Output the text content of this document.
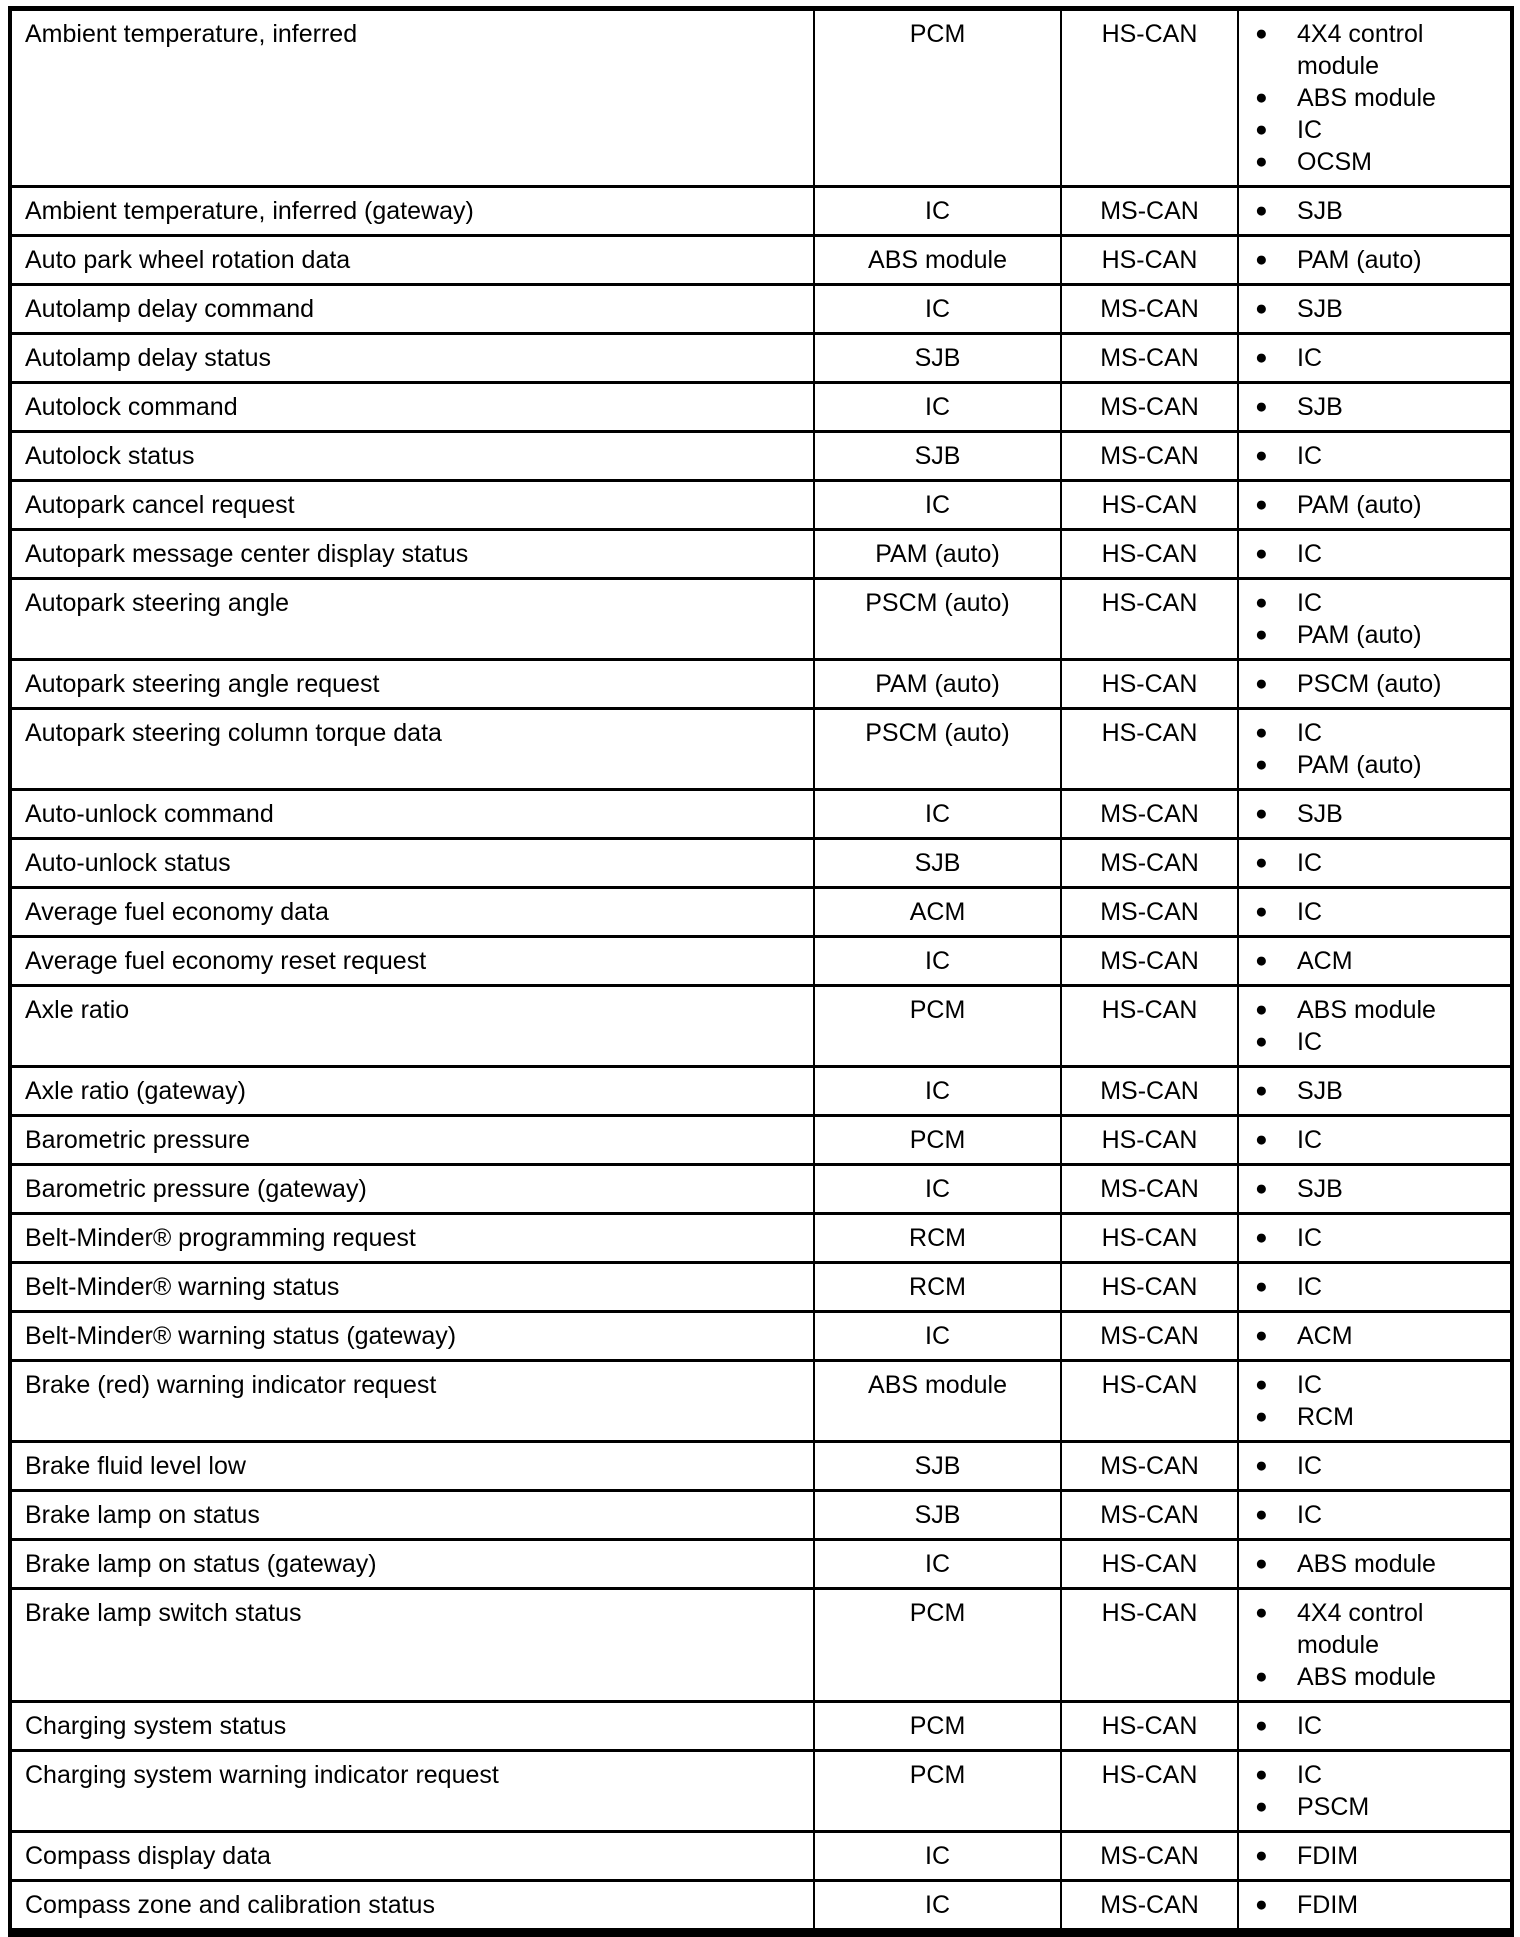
Ambient temperature, inferred	PCM	HS-CAN	●	4X4 control module
●	ABS module
●	IC
●	OCSM

Ambient temperature, inferred (gateway)	IC	MS-CAN	● SJB

Auto park wheel rotation data	ABS module	HS-CAN	● PAM (auto)

Autolamp delay command	IC	MS-CAN	● SJB

Autolamp delay status	SJB	MS-CAN	● IC

Autolock command	IC	MS-CAN	● SJB

Autolock status	SJB	MS-CAN	● IC

Autopark cancel request	IC	HS-CAN	● PAM (auto)

Autopark message center display status	PAM (auto)	HS-CAN	● IC

Autopark steering angle	PSCM (auto)	HS-CAN	● IC
● PAM (auto)

Autopark steering angle request	PAM (auto)	HS-CAN	● PSCM (auto)

Autopark steering column torque data	PSCM (auto)	HS-CAN	● IC
● PAM (auto)

Auto-unlock command	IC	MS-CAN	● SJB

Auto-unlock status	SJB	MS-CAN	● IC

Average fuel economy data	ACM	MS-CAN	● IC

Average fuel economy reset request	IC	MS-CAN	● ACM

Axle ratio	PCM	HS-CAN	● ABS module
● IC

Axle ratio (gateway)	IC	MS-CAN	● SJB

Barometric pressure	PCM	HS-CAN	● IC

Barometric pressure (gateway)	IC	MS-CAN	● SJB

Belt-Minder® programming request	RCM	HS-CAN	● IC

Belt-Minder® warning status	RCM	HS-CAN	● IC

Belt-Minder® warning status (gateway)	IC	MS-CAN	● ACM

Brake (red) warning indicator request	ABS module	HS-CAN	● IC
● RCM

Brake fluid level low	SJB	MS-CAN	● IC

Brake lamp on status	SJB	MS-CAN	● IC

Brake lamp on status (gateway)	IC	HS-CAN	● ABS module

Brake lamp switch status	PCM	HS-CAN	● 4X4 control module
● ABS module

Charging system status	PCM	HS-CAN	● IC

Charging system warning indicator request	PCM	HS-CAN	● IC
● PSCM

Compass display data	IC	MS-CAN	● FDIM

Compass zone and calibration status	IC	MS-CAN	● FDIM
